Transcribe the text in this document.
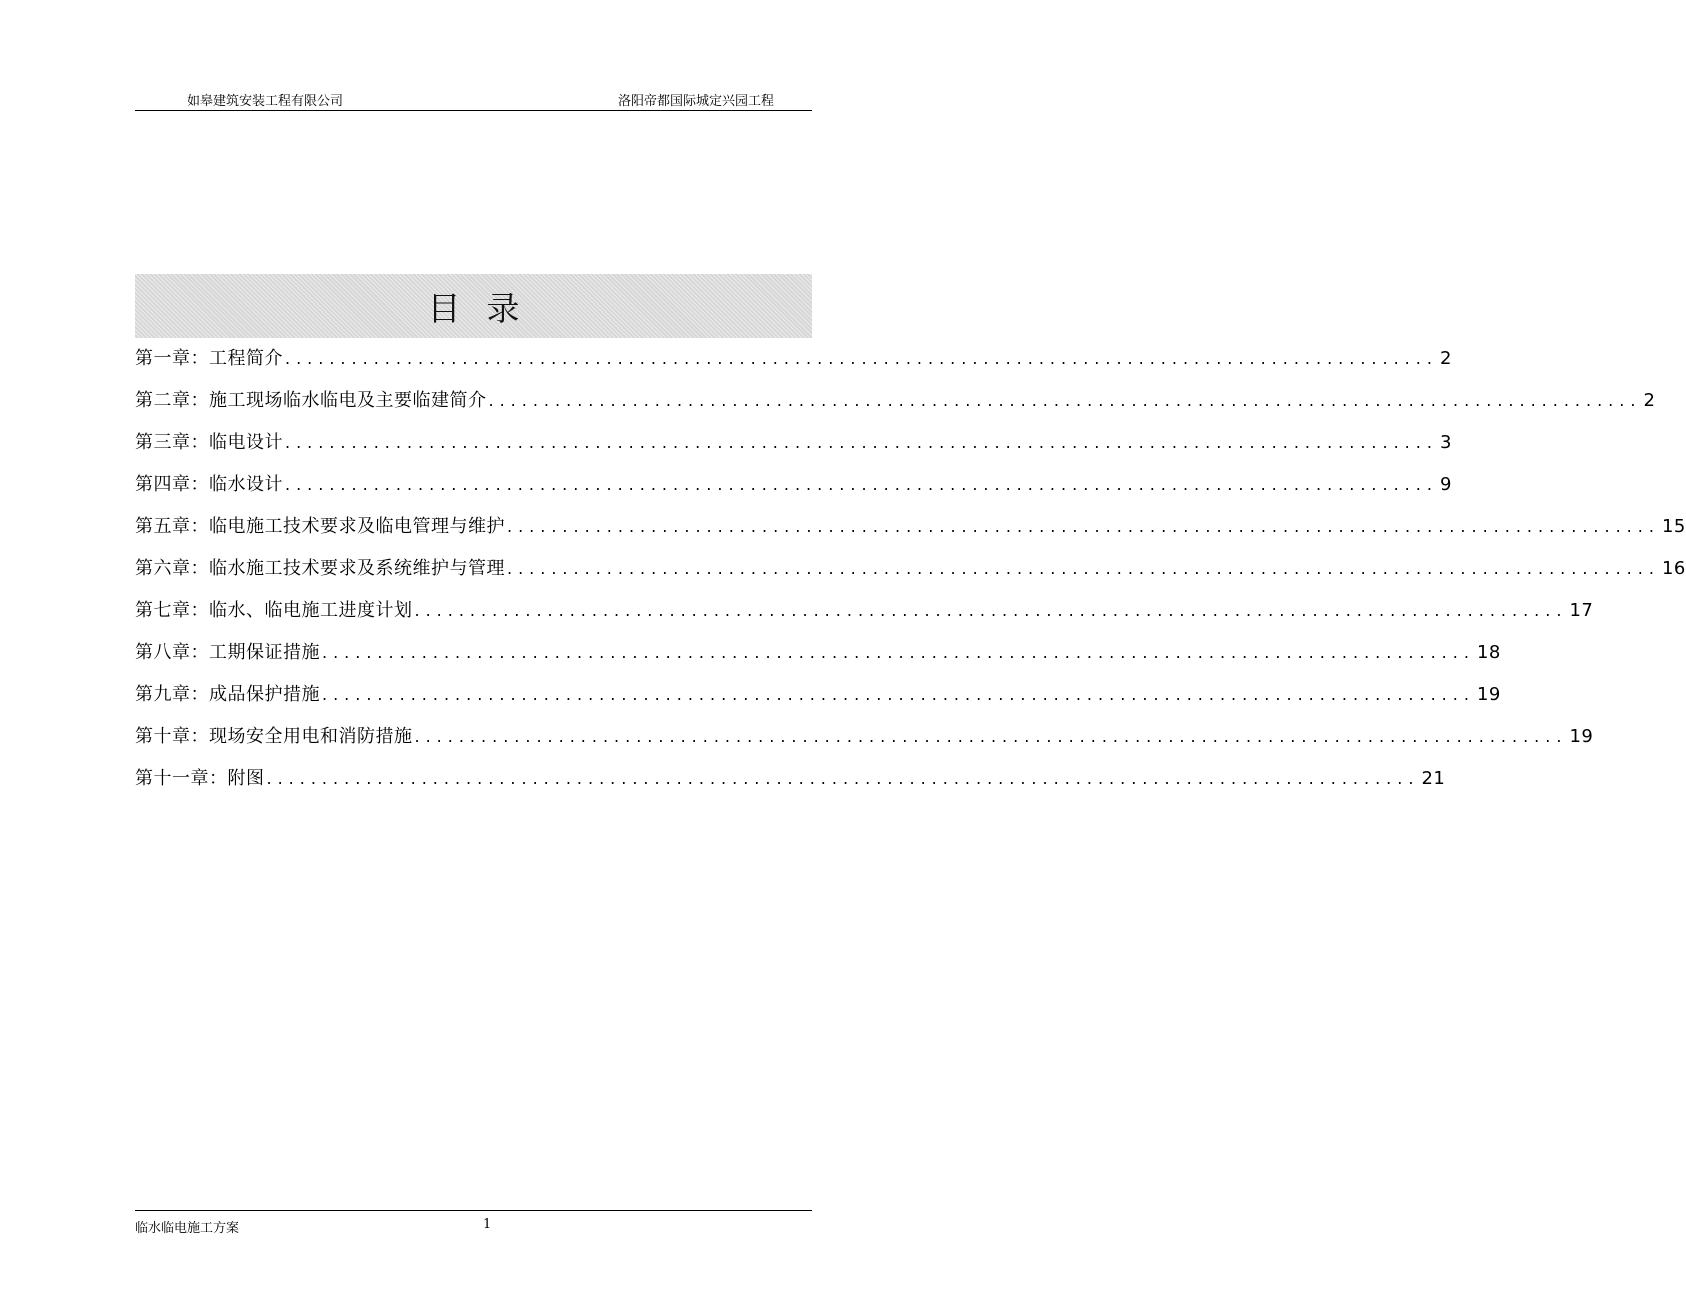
如皋建筑安装工程有限公司	洛阳帝都国际城定兴园工程
目录
第一章：工程简介 ........................................................................................................ 2
第二章：施工现场临水临电及主要临建简介 ........................................................................................................ 2
第三章：临电设计 ........................................................................................................ 3
第四章：临水设计 ........................................................................................................ 9
第五章：临电施工技术要求及临电管理与维护 ........................................................................................................ 15
第六章：临水施工技术要求及系统维护与管理 ........................................................................................................ 16
第七章：临水、临电施工进度计划 ........................................................................................................ 17
第八章：工期保证措施 ........................................................................................................ 18
第九章：成品保护措施 ........................................................................................................ 19
第十章：现场安全用电和消防措施 ........................................................................................................ 19
第十一章：附图 ........................................................................................................ 21
临水临电施工方案	1
